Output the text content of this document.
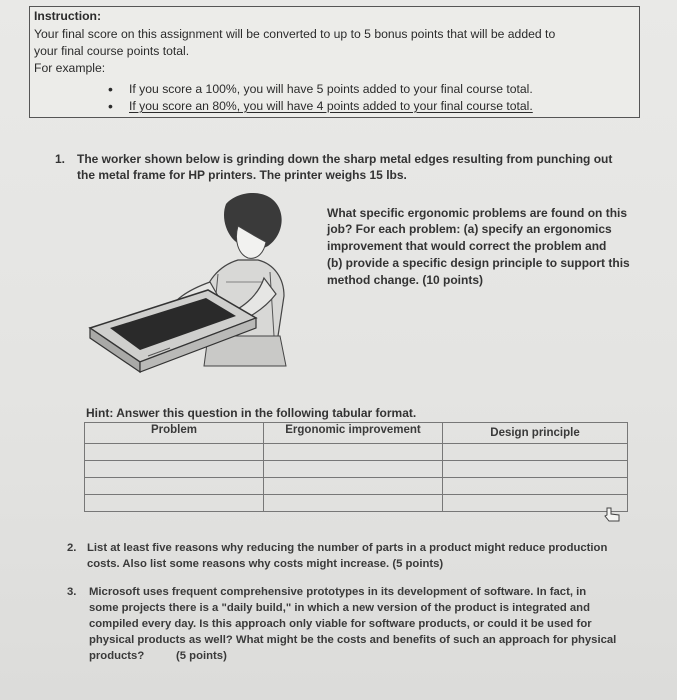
Instruction:
Your final score on this assignment will be converted to up to 5 bonus points that will be added to
your final course points total.
For example:
• If you score a 100%, you will have 5 points added to your final course total.
• If you score an 80%, you will have 4 points added to your final course total.
1. The worker shown below is grinding down the sharp metal edges resulting from punching out
the metal frame for HP printers. The printer weighs 15 lbs.
What specific ergonomic problems are found on this
job? For each problem: (a) specify an ergonomics
improvement that would correct the problem and
(b) provide a specific design principle to support this
method change. (10 points)
Hint: Answer this question in the following tabular format.
Problem	Ergonomic improvement	Design principle

2. List at least five reasons why reducing the number of parts in a product might reduce production
costs. Also list some reasons why costs might increase. (5 points)
3. Microsoft uses frequent comprehensive prototypes in its development of software. In fact, in
some projects there is a "daily build," in which a new version of the product is integrated and
compiled every day. Is this approach only viable for software products, or could it be used for
physical products as well? What might be the costs and benefits of such an approach for physical
products?	(5 points)
